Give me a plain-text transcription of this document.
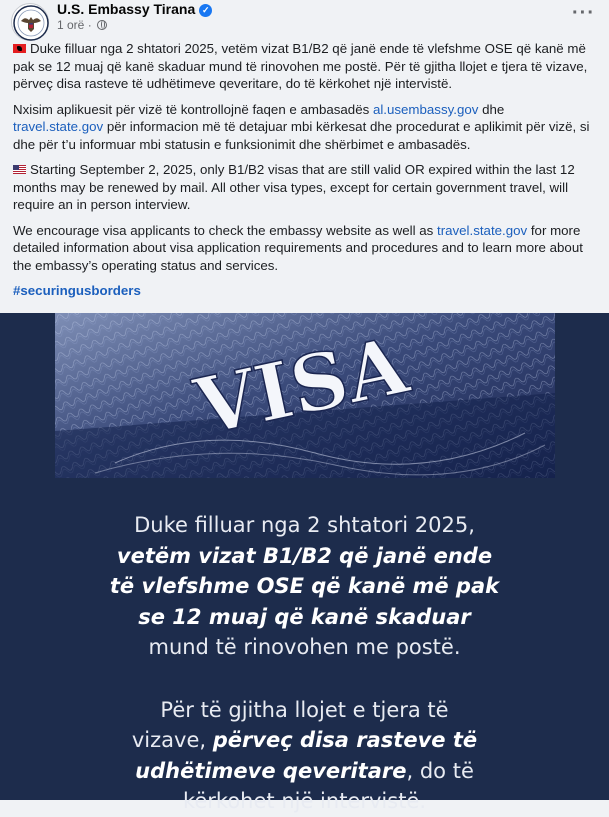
U.S. Embassy Tirana ✓
1 orë ·
···

Duke filluar nga 2 shtatori 2025, vetëm vizat B1/B2 që janë ende të vlefshme OSE që kanë më pak se 12 muaj që kanë skaduar mund të rinovohen me postë. Për të gjitha llojet e tjera të vizave, përveç disa rasteve të udhëtimeve qeveritare, do të kërkohet një intervistë.

Nxisim aplikuesit për vizë të kontrollojnë faqen e ambasadës al.usembassy.gov dhe
travel.state.gov për informacion më të detajuar mbi kërkesat dhe procedurat e aplikimit për vizë, si dhe për t’u informuar mbi statusin e funksionimit dhe shërbimet e ambasadës.

Starting September 2, 2025, only B1/B2 visas that are still valid OR expired within the last 12 months may be renewed by mail. All other visa types, except for certain government travel, will require an in person interview.

We encourage visa applicants to check the embassy website as well as travel.state.gov for more detailed information about visa application requirements and procedures and to learn more about the embassy’s operating status and services.

#securingusborders

VISA
Duke filluar nga 2 shtatori 2025,
vetëm vizat B1/B2 që janë ende
të vlefshme OSE që kanë më pak
se 12 muaj që kanë skaduar
mund të rinovohen me postë.
Për të gjitha llojet e tjera të
vizave, përveç disa rasteve të
udhëtimeve qeveritare, do të
kërkohet një intervistë.
